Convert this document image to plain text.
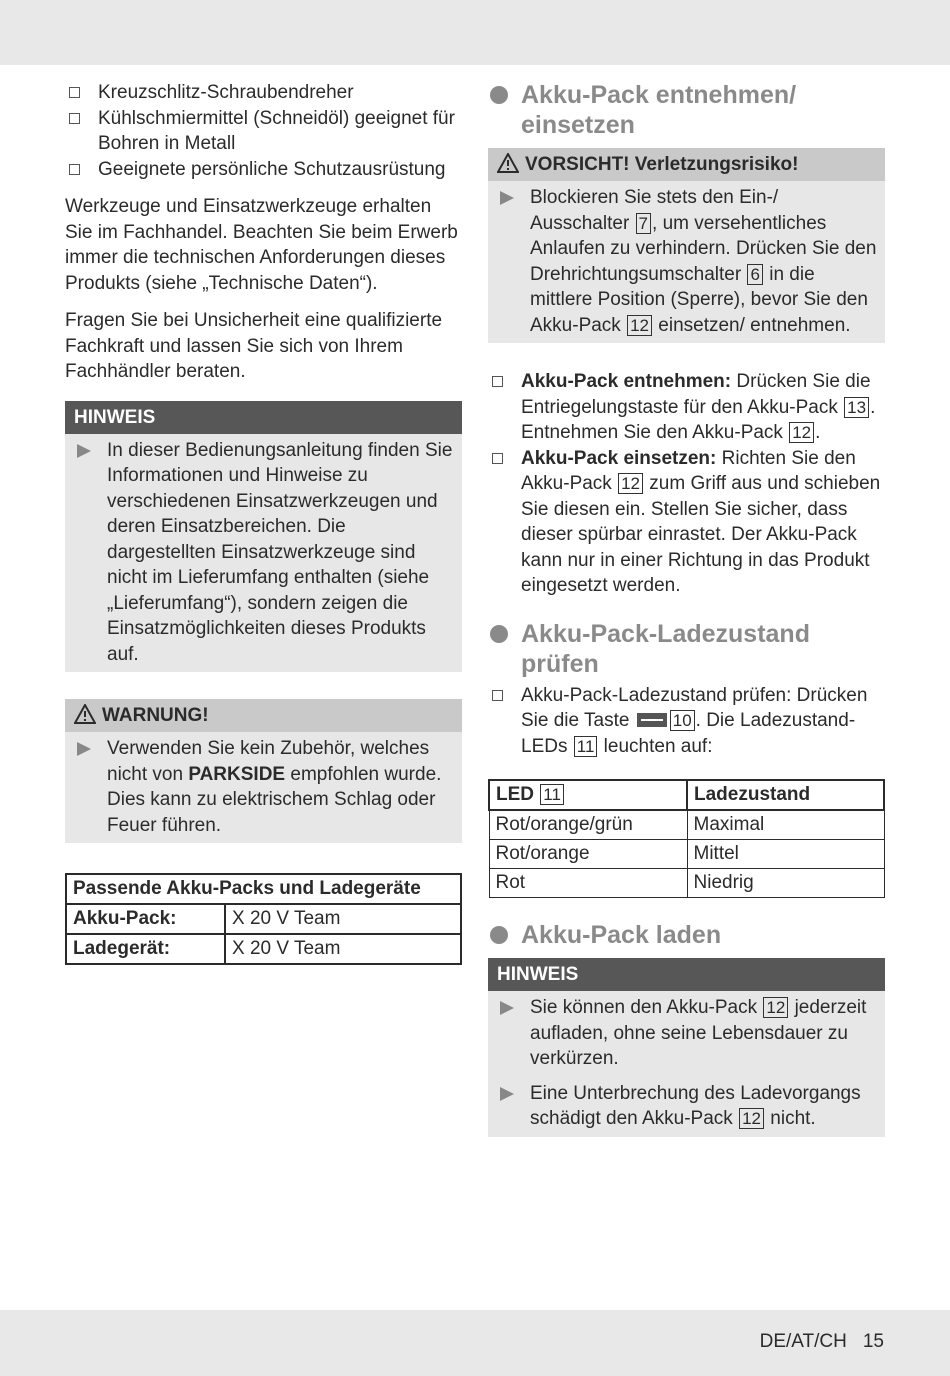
Kreuzschlitz-Schraubendreher
Kühlschmiermittel (Schneidöl) geeignet für Bohren in Metall
Geeignete persönliche Schutzausrüstung

Werkzeuge und Einsatzwerkzeuge erhalten Sie im Fachhandel. Beachten Sie beim Erwerb immer die technischen Anforderungen dieses Produkts (siehe „Technische Daten“).

Fragen Sie bei Unsicherheit eine qualifizierte Fachkraft und lassen Sie sich von Ihrem Fachhändler beraten.

HINWEIS
In dieser Bedienungsanleitung finden Sie Informationen und Hinweise zu verschiedenen Einsatzwerkzeugen und deren Einsatzbereichen. Die dargestellten Einsatzwerkzeuge sind nicht im Lieferumfang enthalten (siehe „Lieferumfang“), sondern zeigen die Einsatzmöglichkeiten dieses Produkts auf.
WARNUNG!
Verwenden Sie kein Zubehör, welches nicht von PARKSIDE empfohlen wurde. Dies kann zu elektrischem Schlag oder Feuer führen.
Passende Akku-Packs und Ladegeräte	
Akku-Pack:	X 20 V Team
Ladegerät:	X 20 V Team
Akku-Pack entnehmen/ einsetzen
VORSICHT! Verletzungsrisiko!
Blockieren Sie stets den Ein-/ Ausschalter 7 , um versehentliches Anlaufen zu verhindern. Drücken Sie den Drehrichtungsumschalter 6 in die mittlere Position (Sperre), bevor Sie den Akku-Pack 12 einsetzen/ entnehmen.
Akku-Pack entnehmen: Drücken Sie die Entriegelungstaste für den Akku-Pack 13 . Entnehmen Sie den Akku-Pack 12 .
Akku-Pack einsetzen: Richten Sie den Akku-Pack 12 zum Griff aus und schieben Sie diesen ein. Stellen Sie sicher, dass dieser spürbar einrastet. Der Akku-Pack kann nur in einer Richtung in das Produkt eingesetzt werden.
Akku-Pack-Ladezustand prüfen
Akku-Pack-Ladezustand prüfen: Drücken Sie die Taste 10 . Die Ladezustand-LEDs 11 leuchten auf:
LED 11	Ladezustand
Rot/orange/grün	Maximal
Rot/orange	Mittel
Rot	Niedrig
Akku-Pack laden
HINWEIS
Sie können den Akku-Pack 12 jederzeit aufladen, ohne seine Lebensdauer zu verkürzen.
Eine Unterbrechung des Ladevorgangs schädigt den Akku-Pack 12 nicht.
DE/AT/CH 15
